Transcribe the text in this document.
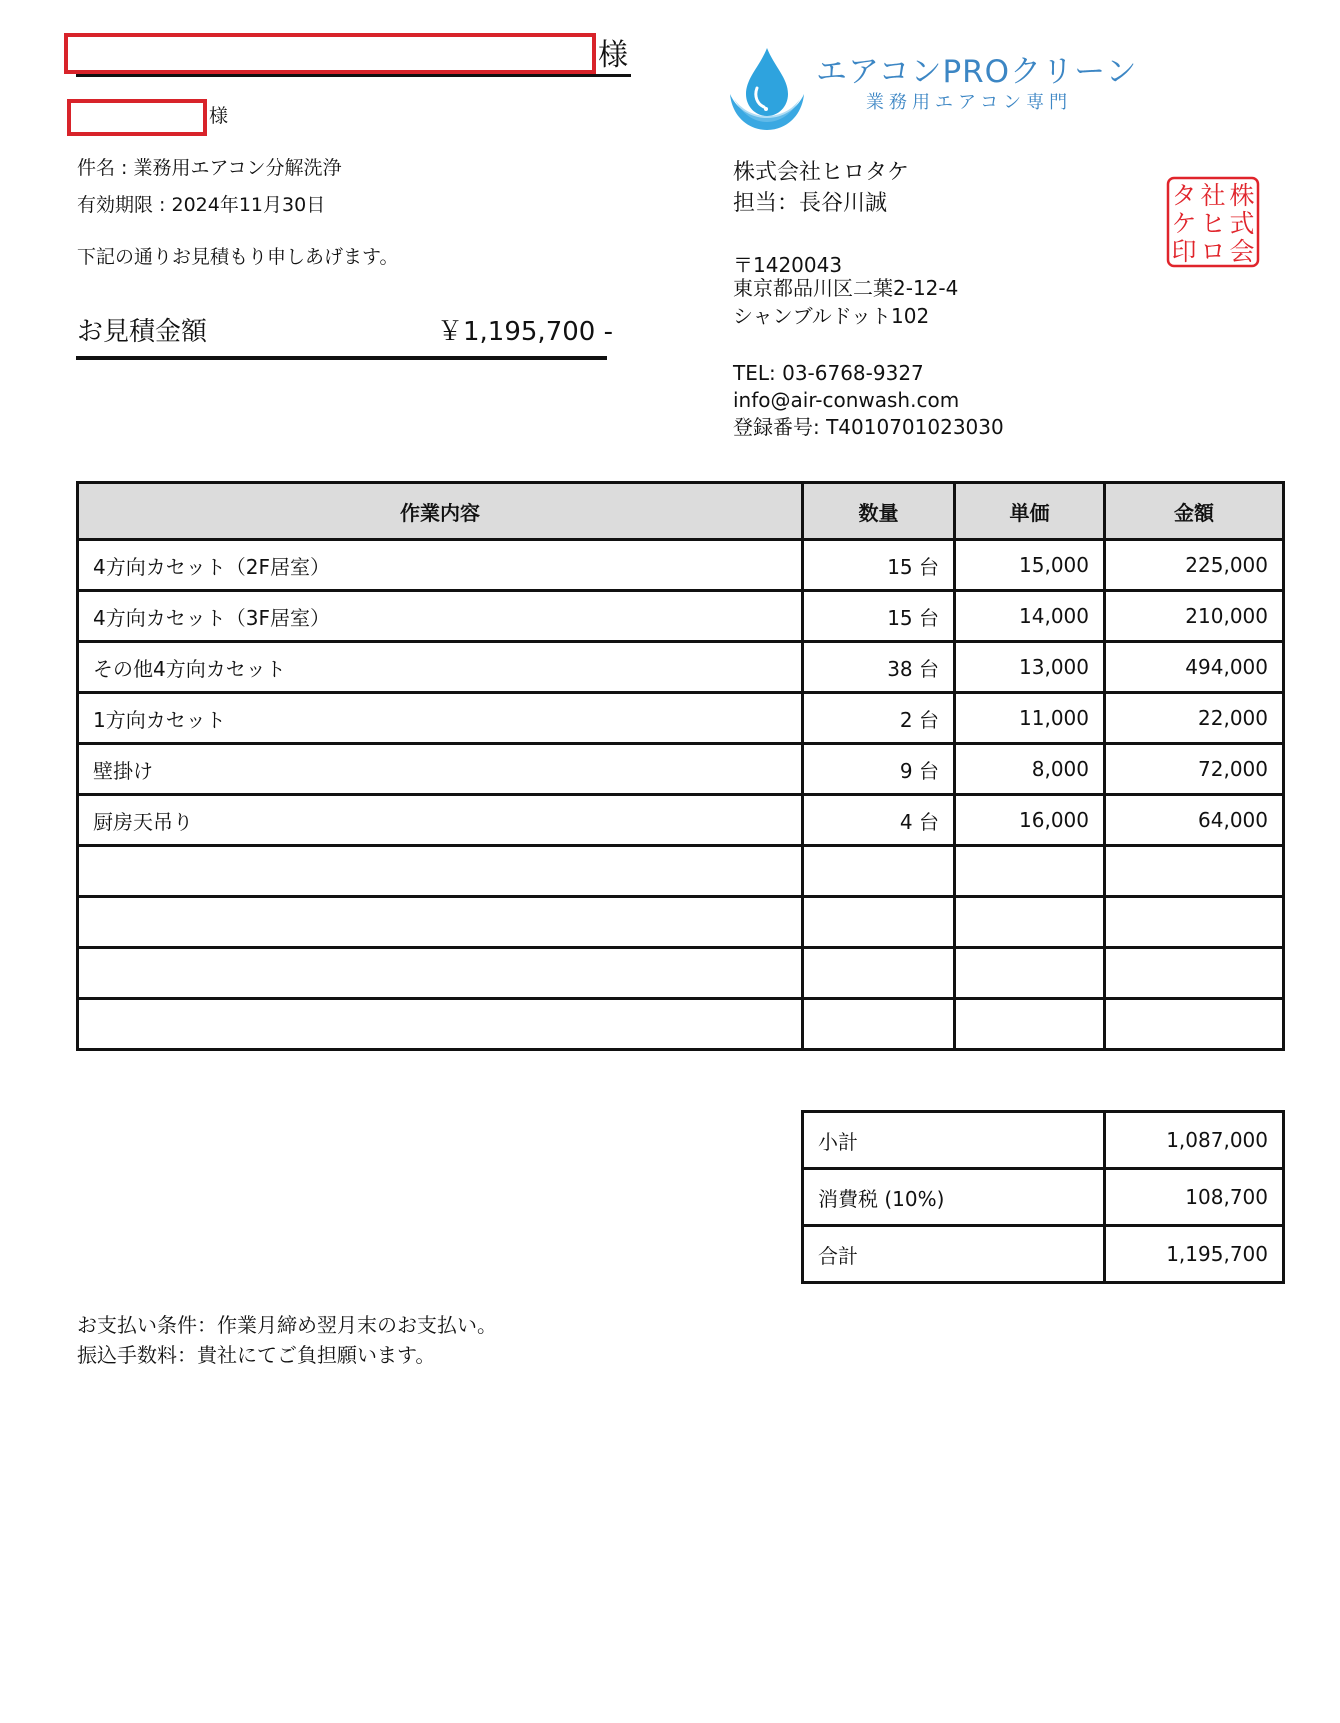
様
様
件名 : 業務用エアコン分解洗浄
有効期限 : 2024年11月30日
下記の通りお見積もり申しあげます。
お見積金額	￥1,195,700 -
エアコンPROクリーン
業務用エアコン専門
株式会社ヒロタケ
担当：長谷川誠
〒1420043
東京都品川区二葉2-12-4
シャンブルドット102
TEL: 03-6768-9327
info@air-conwash.com
登録番号: T4010701023030
株
式
会
社
ヒ
ロ
タ
ケ
印
作業内容	数量	単価	金額
4方向カセット（2F居室）	15 台	15,000	225,000
4方向カセット（3F居室）	15 台	14,000	210,000
その他4方向カセット	38 台	13,000	494,000
1方向カセット	2 台	11,000	22,000
壁掛け	9 台	8,000	72,000
厨房天吊り	4 台	16,000	64,000

小計	1,087,000
消費税 (10%)	108,700
合計	1,195,700
お支払い条件：作業月締め翌月末のお支払い。
振込手数料：貴社にてご負担願います。
